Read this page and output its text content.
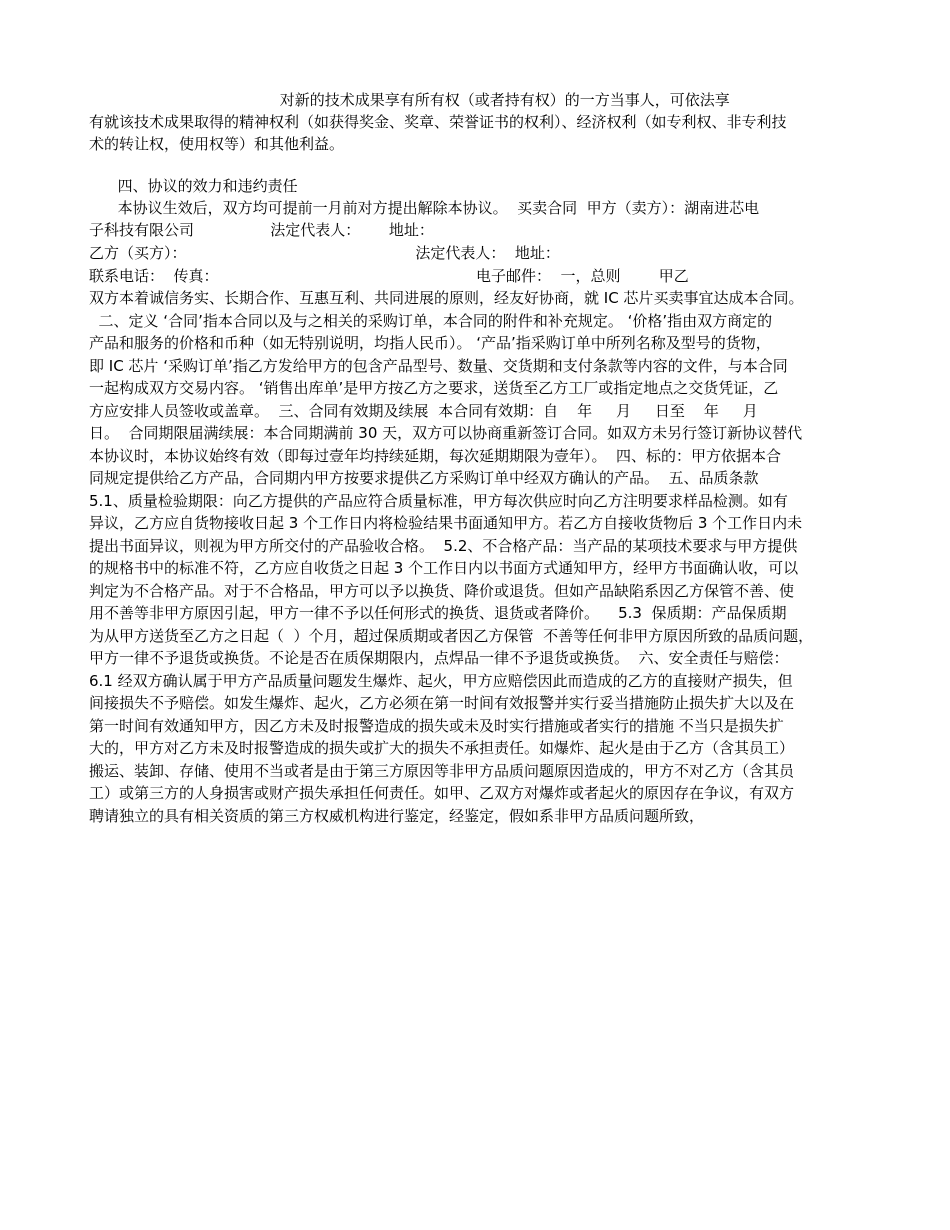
对新的技术成果享有所有权（或者持有权）的一方当事人，可依法享
有就该技术成果取得的精神权利（如获得奖金、奖章、荣誉证书的权利）、经济权利（如专利权、非专利技
术的转让权，使用权等）和其他利益。
四、协议的效力和违约责任
本协议生效后，双方均可提前一月前对方提出解除本协议。  买卖合同  甲方（卖方）：湖南进芯电
子科技有限公司                法定代表人：      地址：
乙方（买方）：                                                法定代表人：  地址：
联系电话：  传真：                                                      电子邮件：  一，总则        甲乙
双方本着诚信务实、长期合作、互惠互利、共同进展的原则，经友好协商，就 IC 芯片买卖事宜达成本合同。
二、定义 ‘合同’指本合同以及与之相关的采购订单，本合同的附件和补充规定。 ‘价格’指由双方商定的
产品和服务的价格和币种（如无特别说明，均指人民币）。 ‘产品’指采购订单中所列名称及型号的货物，
即 IC 芯片 ‘采购订单’指乙方发给甲方的包含产品型号、数量、交货期和支付条款等内容的文件，与本合同
一起构成双方交易内容。 ‘销售出库单’是甲方按乙方之要求，送货至乙方工厂或指定地点之交货凭证，乙
方应安排人员签收或盖章。  三、合同有效期及续展  本合同有效期：自    年     月     日至    年     月
日。  合同期限届满续展：本合同期满前 30 天，双方可以协商重新签订合同。如双方未另行签订新协议替代
本协议时，本协议始终有效（即每过壹年均持续延期，每次延期期限为壹年）。  四、标的：甲方依据本合
同规定提供给乙方产品，合同期内甲方按要求提供乙方采购订单中经双方确认的产品。  五、品质条款
5.1、质量检验期限：向乙方提供的产品应符合质量标准，甲方每次供应时向乙方注明要求样品检测。如有
异议，乙方应自货物接收日起 3 个工作日内将检验结果书面通知甲方。若乙方自接收货物后 3 个工作日内未
提出书面异议，则视为甲方所交付的产品验收合格。  5.2、不合格产品：当产品的某项技术要求与甲方提供
的规格书中的标准不符，乙方应自收货之日起 3 个工作日内以书面方式通知甲方，经甲方书面确认收，可以
判定为不合格产品。对于不合格品，甲方可以予以换货、降价或退货。但如产品缺陷系因乙方保管不善、使
用不善等非甲方原因引起，甲方一律不予以任何形式的换货、退货或者降价。    5.3  保质期：产品保质期
为从甲方送货至乙方之日起（  ）个月，超过保质期或者因乙方保管  不善等任何非甲方原因所致的品质问题，
甲方一律不予退货或换货。不论是否在质保期限内，点焊品一律不予退货或换货。  六、安全责任与赔偿：
6.1 经双方确认属于甲方产品质量问题发生爆炸、起火，甲方应赔偿因此而造成的乙方的直接财产损失，但
间接损失不予赔偿。如发生爆炸、起火，乙方必须在第一时间有效报警并实行妥当措施防止损失扩大以及在
第一时间有效通知甲方，因乙方未及时报警造成的损失或未及时实行措施或者实行的措施 不当只是损失扩
大的，甲方对乙方未及时报警造成的损失或扩大的损失不承担责任。如爆炸、起火是由于乙方（含其员工）
搬运、装卸、存储、使用不当或者是由于第三方原因等非甲方品质问题原因造成的，甲方不对乙方（含其员
工）或第三方的人身损害或财产损失承担任何责任。如甲、乙双方对爆炸或者起火的原因存在争议，有双方
聘请独立的具有相关资质的第三方权威机构进行鉴定，经鉴定，假如系非甲方品质问题所致，
